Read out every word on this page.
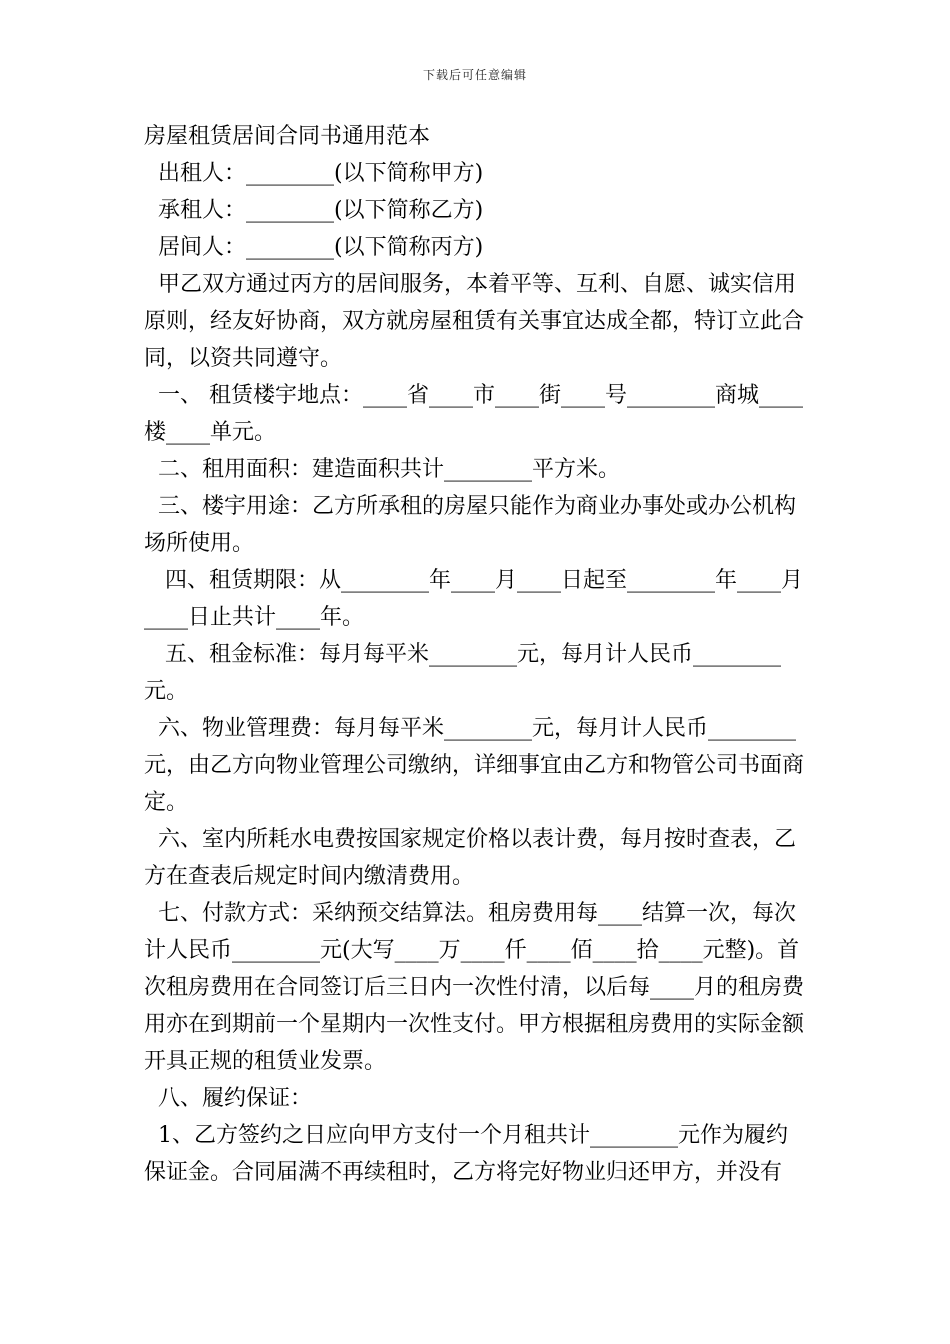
下载后可任意编辑

房屋租赁居间合同书通用范本

出租人：________(以下简称甲方)

承租人：________(以下简称乙方)

居间人：________(以下简称丙方)

甲乙双方通过丙方的居间服务，本着平等、互利、自愿、诚实信用原则，经友好协商，双方就房屋租赁有关事宜达成全都，特订立此合同，以资共同遵守。

一、 租赁楼宇地点：____省____市____街____号________商城____楼____单元。

二、租用面积：建造面积共计________平方米。

三、楼宇用途：乙方所承租的房屋只能作为商业办事处或办公机构场所使用。

四、租赁期限：从________年____月____日起至________年____月____日止共计____年。

五、租金标准：每月每平米________元，每月计人民币________元。

六、物业管理费：每月每平米________元，每月计人民币________元，由乙方向物业管理公司缴纳，详细事宜由乙方和物管公司书面商定。

六、室内所耗水电费按国家规定价格以表计费，每月按时查表，乙方在查表后规定时间内缴清费用。

七、付款方式：采纳预交结算法。租房费用每____结算一次，每次计人民币________元(大写____万____仟____佰____拾____元整)。首次租房费用在合同签订后三日内一次性付清，以后每____月的租房费用亦在到期前一个星期内一次性支付。甲方根据租房费用的实际金额开具正规的租赁业发票。

八、履约保证：

1、乙方签约之日应向甲方支付一个月租共计________元作为履约保证金。合同届满不再续租时，乙方将完好物业归还甲方，并没有
